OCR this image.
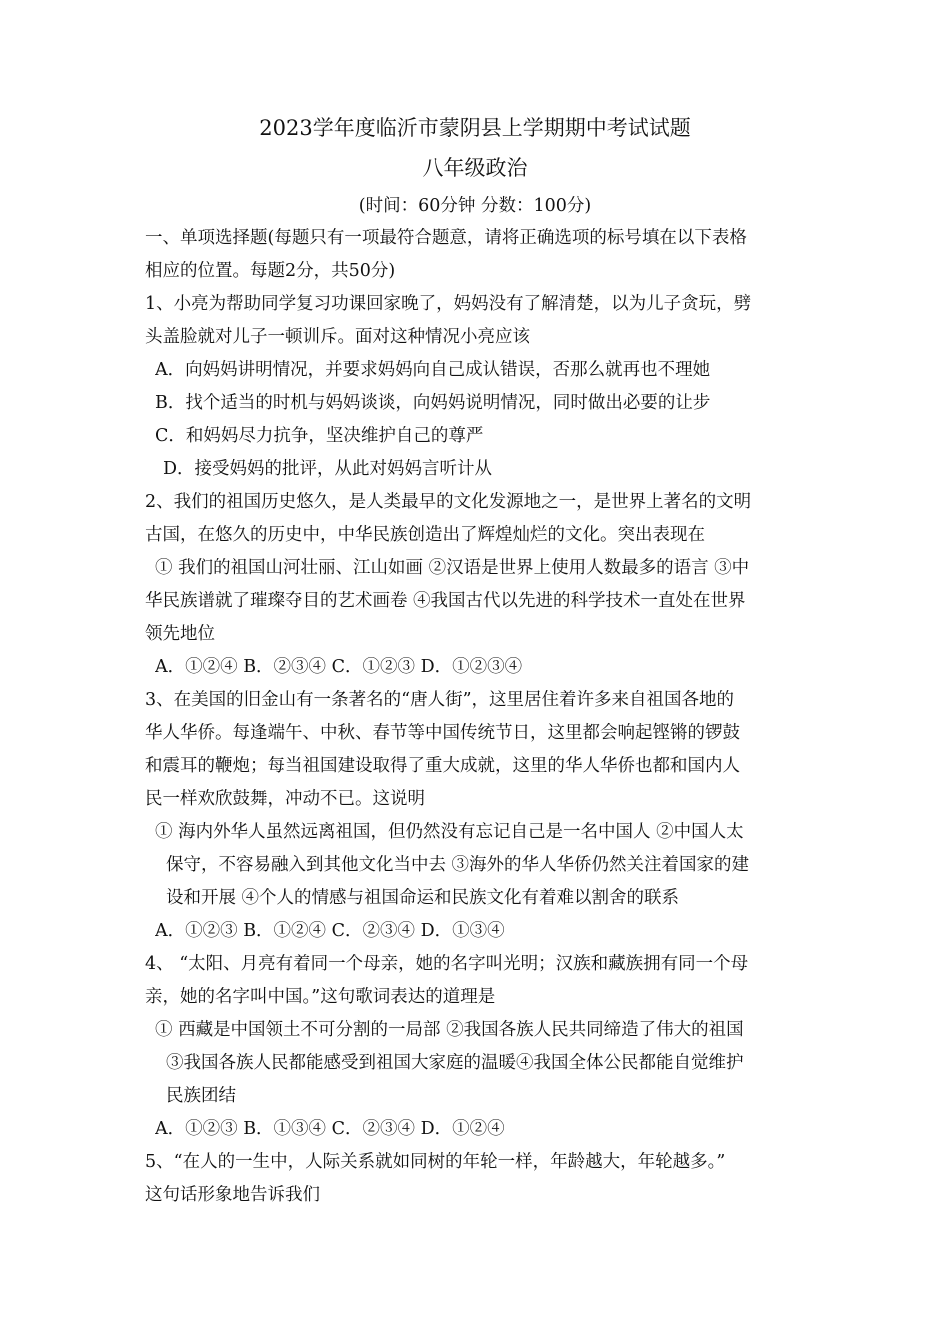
2023学年度临沂市蒙阴县上学期期中考试试题
八年级政治
(时间：60分钟 分数：100分)
一、单项选择题(每题只有一项最符合题意，请将正确选项的标号填在以下表格
相应的位置。每题2分，共50分)
1、小亮为帮助同学复习功课回家晚了，妈妈没有了解清楚，以为儿子贪玩，劈
头盖脸就对儿子一顿训斥。面对这种情况小亮应该
A．向妈妈讲明情况，并要求妈妈向自己成认错误，否那么就再也不理她
B．找个适当的时机与妈妈谈谈，向妈妈说明情况，同时做出必要的让步
C．和妈妈尽力抗争，坚决维护自己的尊严
D．接受妈妈的批评，从此对妈妈言听计从
2、我们的祖国历史悠久，是人类最早的文化发源地之一，是世界上著名的文明
古国，在悠久的历史中，中华民族创造出了辉煌灿烂的文化。突出表现在
① 我们的祖国山河壮丽、江山如画 ②汉语是世界上使用人数最多的语言 ③中
华民族谱就了璀璨夺目的艺术画卷 ④我国古代以先进的科学技术一直处在世界
领先地位
A．①②④ B．②③④ C．①②③ D．①②③④
3、在美国的旧金山有一条著名的“唐人街”，这里居住着许多来自祖国各地的
华人华侨。每逢端午、中秋、春节等中国传统节日，这里都会响起铿锵的锣鼓
和震耳的鞭炮；每当祖国建设取得了重大成就，这里的华人华侨也都和国内人
民一样欢欣鼓舞，冲动不已。这说明
① 海内外华人虽然远离祖国，但仍然没有忘记自己是一名中国人 ②中国人太
保守，不容易融入到其他文化当中去 ③海外的华人华侨仍然关注着国家的建
设和开展 ④个人的情感与祖国命运和民族文化有着难以割舍的联系
A．①②③ B．①②④ C．②③④ D．①③④
4、 “太阳、月亮有着同一个母亲，她的名字叫光明；汉族和藏族拥有同一个母
亲，她的名字叫中国。”这句歌词表达的道理是
① 西藏是中国领土不可分割的一局部 ②我国各族人民共同缔造了伟大的祖国
③我国各族人民都能感受到祖国大家庭的温暖④我国全体公民都能自觉维护
民族团结
A．①②③ B．①③④ C．②③④ D．①②④
5、“在人的一生中，人际关系就如同树的年轮一样，年龄越大，年轮越多。”
这句话形象地告诉我们
